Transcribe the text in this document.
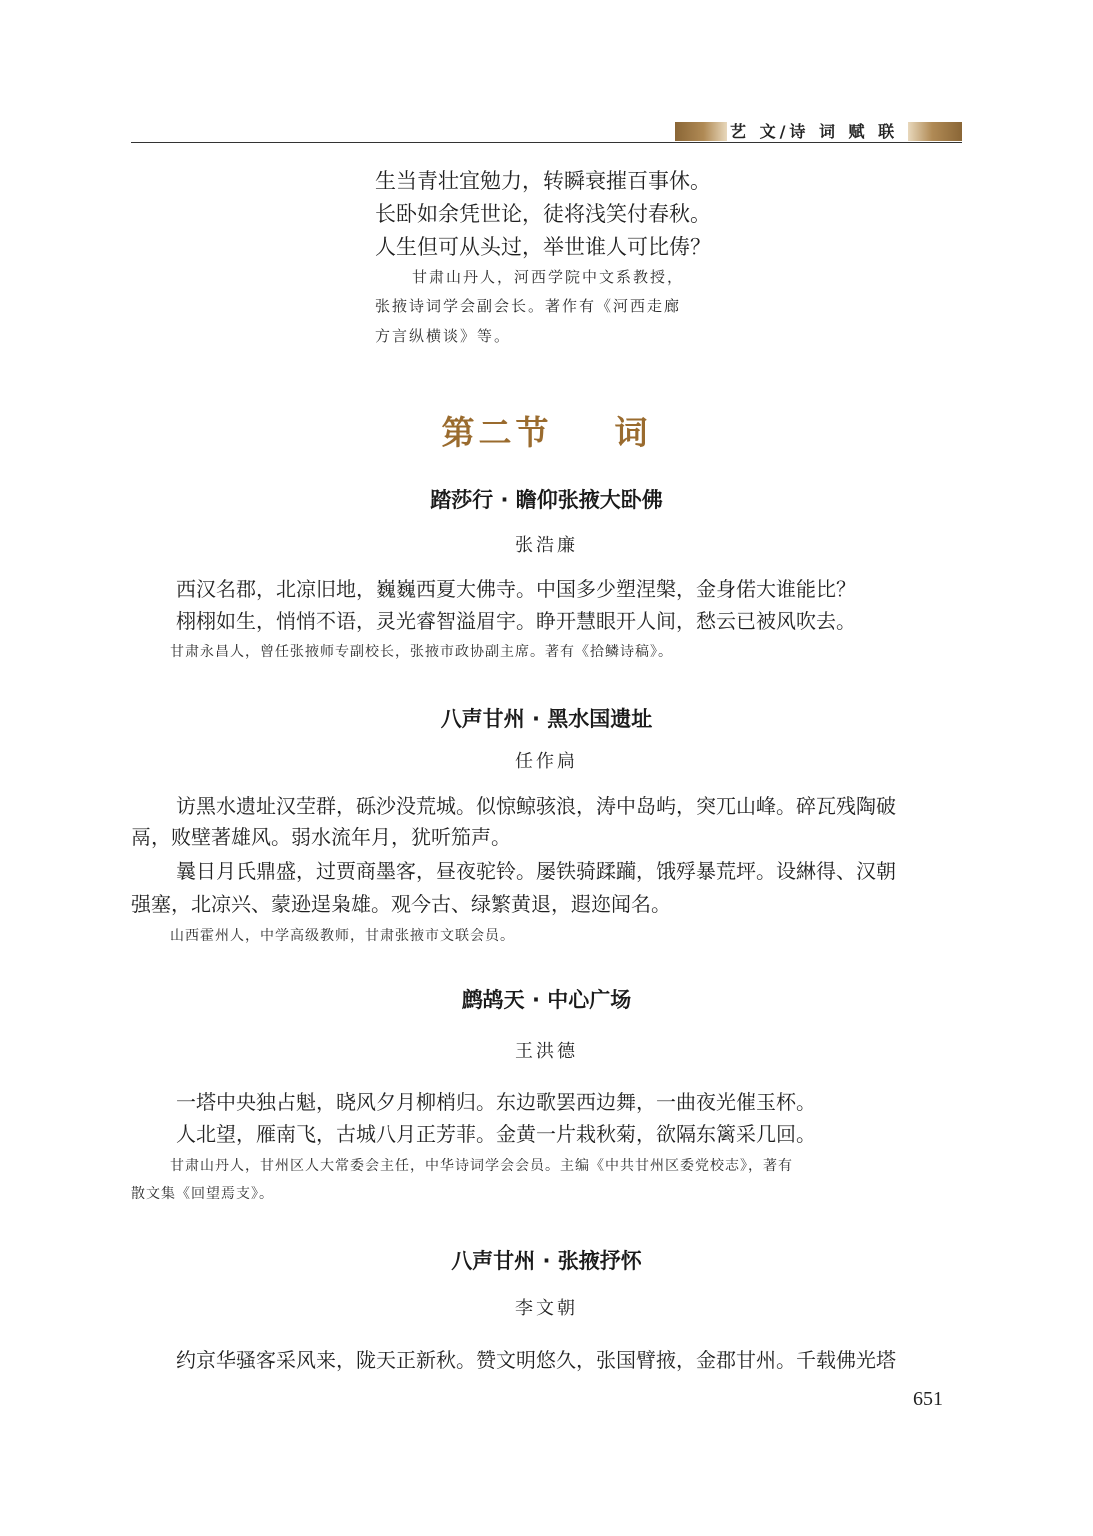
艺 文/诗 词 赋 联
生当青壮宜勉力，转瞬衰摧百事休。
长卧如余凭世论，徒将浅笑付春秋。
人生但可从头过，举世谁人可比俦？
甘肃山丹人，河西学院中文系教授，
张掖诗词学会副会长。著作有《河西走廊
方言纵横谈》等。
第二节    词
踏莎行 · 瞻仰张掖大卧佛
张浩廉
西汉名郡，北凉旧地，巍巍西夏大佛寺。中国多少塑涅槃，金身偌大谁能比？
栩栩如生，悄悄不语，灵光睿智溢眉宇。睁开慧眼开人间，愁云已被风吹去。
甘肃永昌人，曾任张掖师专副校长，张掖市政协副主席。著有《拾鳞诗稿》。
八声甘州 · 黑水国遗址
任作扃
访黑水遗址汉茔群，砾沙没荒城。似惊鲸骇浪，涛中岛屿，突兀山峰。碎瓦残陶破
鬲，败壁著雄风。弱水流年月，犹听笳声。
曩日月氏鼎盛，过贾商墨客，昼夜驼铃。屡铁骑蹂躏，饿殍暴荒坪。设綝得、汉朝
强塞，北凉兴、蒙逊逞枭雄。观今古、绿繁黄退，遐迩闻名。
山西霍州人，中学高级教师，甘肃张掖市文联会员。
鹧鸪天 · 中心广场
王洪德
一塔中央独占魁，晓风夕月柳梢归。东边歌罢西边舞，一曲夜光催玉杯。
人北望，雁南飞，古城八月正芳菲。金黄一片栽秋菊，欲隔东篱采几回。
甘肃山丹人，甘州区人大常委会主任，中华诗词学会会员。主编《中共甘州区委党校志》，著有
散文集《回望焉支》。
八声甘州 · 张掖抒怀
李文朝
约京华骚客采风来，陇天正新秋。赞文明悠久，张国臂掖，金郡甘州。千载佛光塔
651
